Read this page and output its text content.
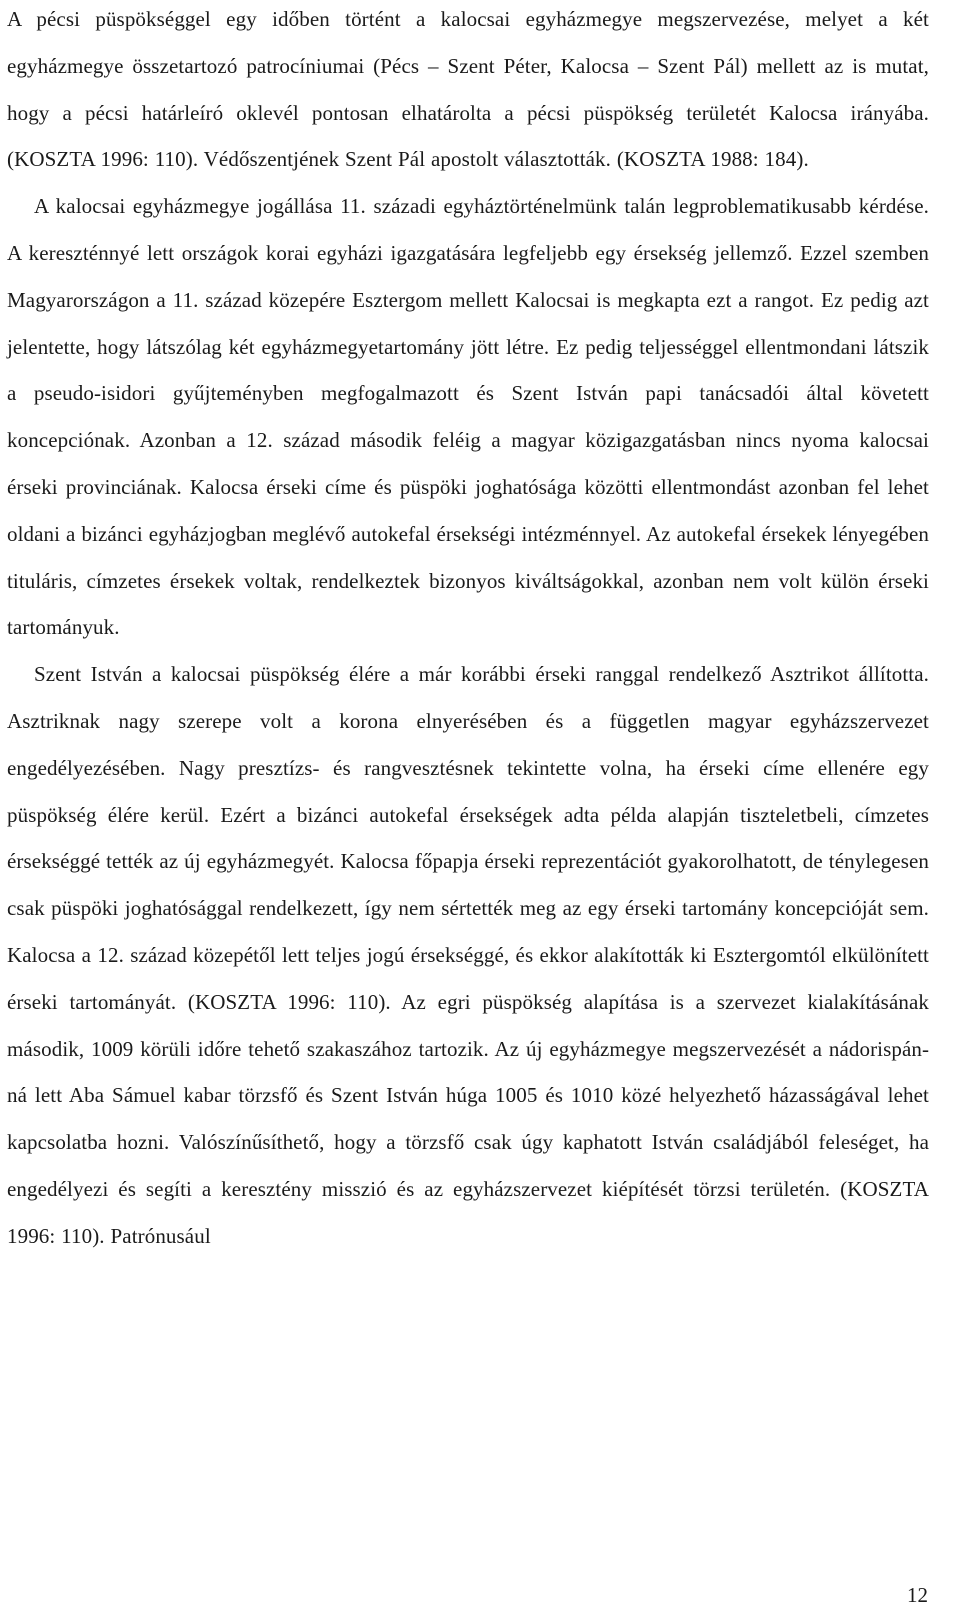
A pécsi püspökséggel egy időben történt a kalocsai egyházmegye megszervezése, melyet a két egyházmegye összetartozó patrocíniumai (Pécs – Szent Péter, Kalocsa – Szent Pál) mellett az is mutat, hogy a pécsi határleíró oklevél pontosan elhatárolta a pécsi püspökség területét Kalocsa irányába. (KOSZTA 1996: 110). Védőszentjének Szent Pál apostolt választották. (KOSZTA 1988: 184).

A kalocsai egyházmegye jogállása 11. századi egyháztörténelmünk talán legproblematikusabb kérdése. A kereszténnyé lett országok korai egyházi igazgatására legfeljebb egy érsekség jellemző. Ezzel szemben Magyarországon a 11. század közepére Esztergom mellett Kalocsai is megkapta ezt a rangot. Ez pedig azt jelentette, hogy látszólag két egyházmegyetartomány jött létre. Ez pedig teljességgel ellentmondani látszik a pseudo-isidori gyűjteményben megfogalmazott és Szent István papi tanácsadói által követett koncepciónak. Azonban a 12. század második feléig a magyar közigazgatásban nincs nyoma kalocsai érseki provinciának. Kalocsa érseki címe és püspöki joghatósága közötti ellentmondást azonban fel lehet oldani a bizánci egyházjogban meglévő autokefal érsekségi intézménnyel. Az autokefal érsekek lényegében tituláris, címzetes érsekek voltak, rendelkeztek bizonyos kiváltságokkal, azonban nem volt külön érseki tartományuk.

Szent István a kalocsai püspökség élére a már korábbi érseki ranggal rendelkező Asztrikot állította. Asztriknak nagy szerepe volt a korona elnyerésében és a független magyar egyházszervezet engedélyezésében. Nagy presztízs- és rangvesztésnek tekintette volna, ha érseki címe ellenére egy püspökség élére kerül. Ezért a bizánci autokefal érsekségek adta példa alapján tiszteletbeli, címzetes érsekséggé tették az új egyházmegyét. Kalocsa főpapja érseki reprezentációt gyakorolhatott, de ténylegesen csak püspöki joghatósággal rendelkezett, így nem sértették meg az egy érseki tartomány koncepcióját sem. Kalocsa a 12. század közepétől lett teljes jogú érsekséggé, és ekkor alakították ki Esztergomtól elkülönített érseki tartományát. (KOSZTA 1996: 110). Az egri püspökség alapítása is a szervezet kialakításának második, 1009 körüli időre tehető szakaszához tartozik. Az új egyházmegye megszervezését a nádorispánná lett Aba Sámuel kabar törzsfő és Szent István húga 1005 és 1010 közé helyezhető házasságával lehet kapcsolatba hozni. Valószínűsíthető, hogy a törzsfő csak úgy kaphatott István családjából feleséget, ha engedélyezi és segíti a keresztény misszió és az egyházszervezet kiépítését törzsi területén. (KOSZTA 1996: 110). Patrónusául

12
